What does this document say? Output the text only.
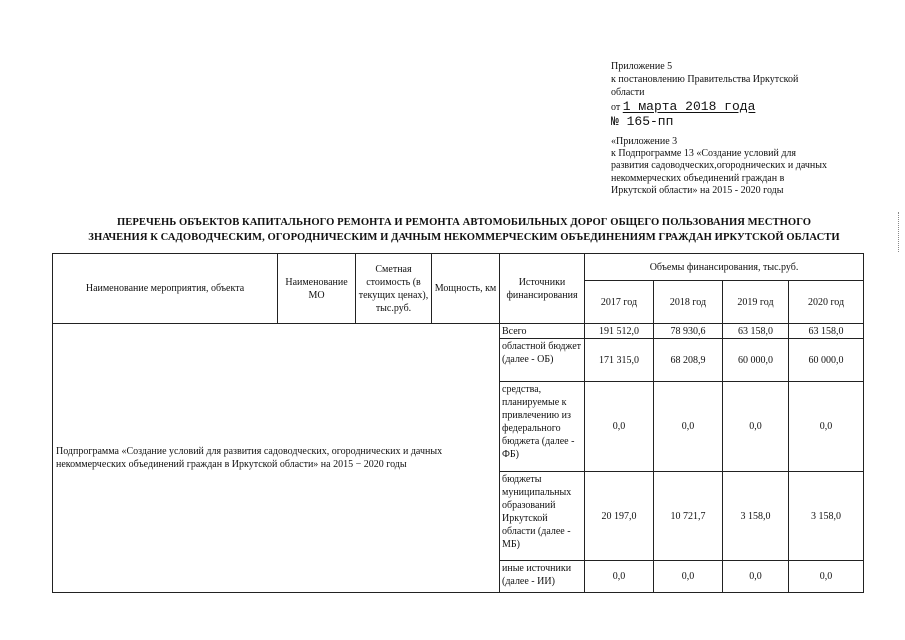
Приложение 5
к постановлению Правительства Иркутской
области
от 1 марта 2018 года
№ 165-пп
«Приложение 3
к Подпрограмме 13 «Создание условий для
развития садоводческих,огороднических и дачных
некоммерческих объединений граждан в
Иркутской области» на 2015 - 2020 годы
ПЕРЕЧЕНЬ ОБЪЕКТОВ КАПИТАЛЬНОГО РЕМОНТА И РЕМОНТА АВТОМОБИЛЬНЫХ ДОРОГ ОБЩЕГО ПОЛЬЗОВАНИЯ МЕСТНОГО
ЗНАЧЕНИЯ К САДОВОДЧЕСКИМ, ОГОРОДНИЧЕСКИМ И ДАЧНЫМ НЕКОММЕРЧЕСКИМ ОБЪЕДИНЕНИЯМ ГРАЖДАН ИРКУТСКОЙ ОБЛАСТИ
Наименование мероприятия, объекта	Наименование МО	Сметная стоимость (в текущих ценах), тыс.руб.	Мощность, км	Источники финансирования	Объемы финансирования, тыс.руб.			
					2017 год	2018 год	2019 год	2020 год
Подпрограмма «Создание условий для развития садоводческих, огороднических и дачных некоммерческих объединений граждан в Иркутской области» на 2015 − 2020 годы				Всего	191 512,0	78 930,6	63 158,0	63 158,0
				областной бюджет (далее - ОБ)	171 315,0	68 208,9	60 000,0	60 000,0
				средства, планируемые к привлечению из федерального бюджета (далее - ФБ)	0,0	0,0	0,0	0,0
				бюджеты муниципальных образований Иркутской области (далее - МБ)	20 197,0	10 721,7	3 158,0	3 158,0
				иные источники (далее - ИИ)	0,0	0,0	0,0	0,0
